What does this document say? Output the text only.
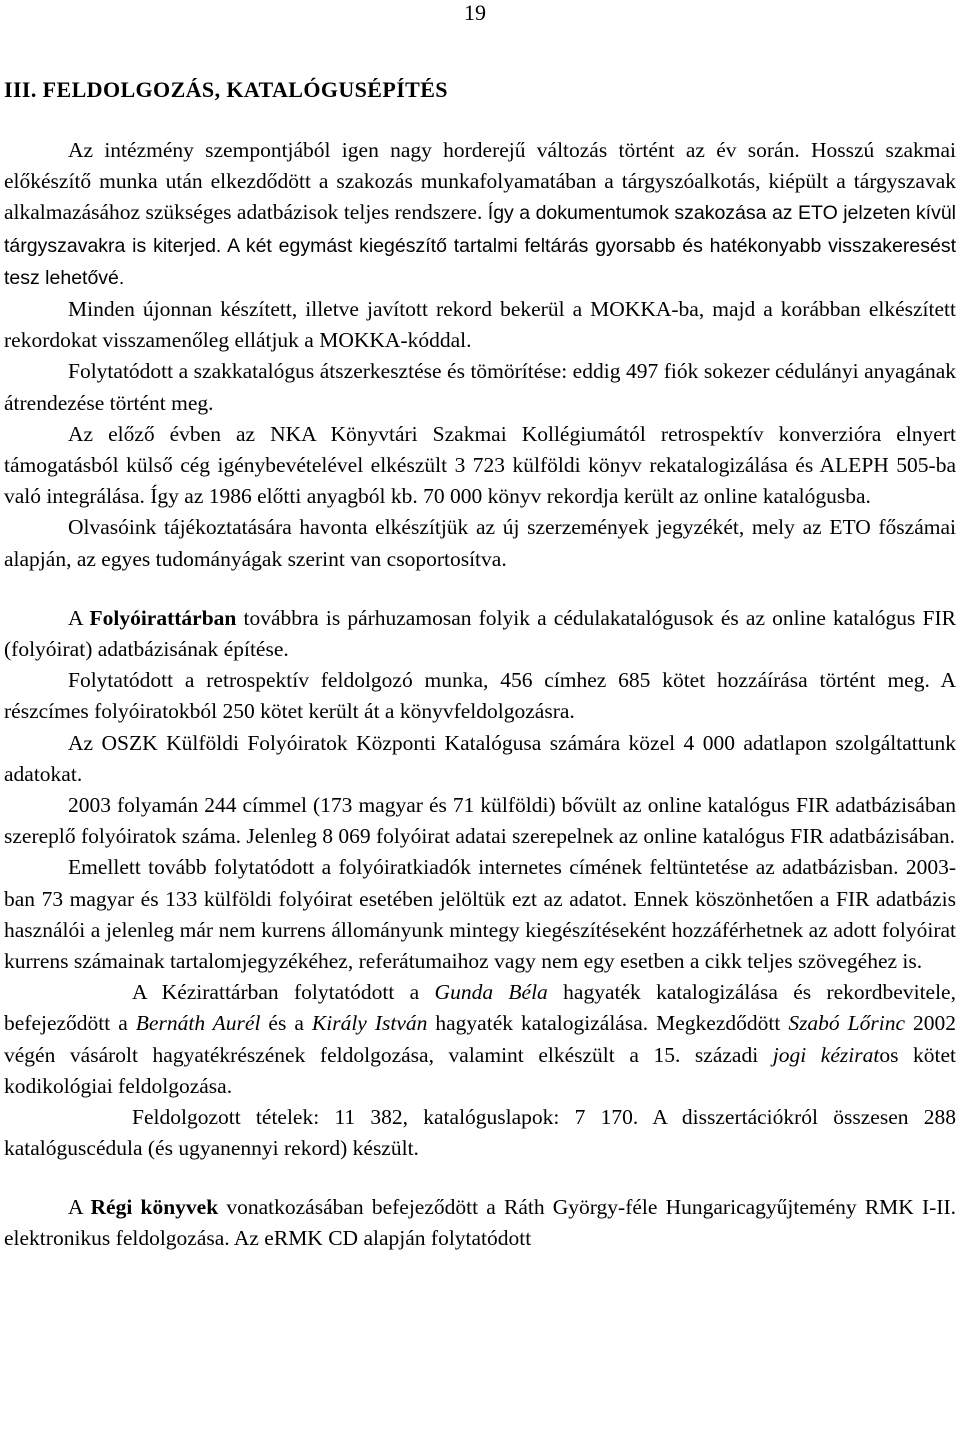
19
III. FELDOLGOZÁS, KATALÓGUSÉPÍTÉS

Az intézmény szempontjából igen nagy horderejű változás történt az év során. Hosszú szakmai előkészítő munka után elkezdődött a szakozás munkafolyamatában a tárgyszóalkotás, kiépült a tárgyszavak alkalmazásához szükséges adatbázisok teljes rendszere. Így a dokumentumok szakozása az ETO jelzeten kívül tárgyszavakra is kiterjed. A két egymást kiegészítő tartalmi feltárás gyorsabb és hatékonyabb visszakeresést tesz lehetővé.

Minden újonnan készített, illetve javított rekord bekerül a MOKKA-ba, majd a korábban elkészített rekordokat visszamenőleg ellátjuk a MOKKA-kóddal.

Folytatódott a szakkatalógus átszerkesztése és tömörítése: eddig 497 fiók sokezer cédulányi anyagának átrendezése történt meg.

Az előző évben az NKA Könyvtári Szakmai Kollégiumától retrospektív konverzióra elnyert támogatásból külső cég igénybevételével elkészült 3 723 külföldi könyv rekatalogizálása és ALEPH 505-ba való integrálása. Így az 1986 előtti anyagból kb. 70 000 könyv rekordja került az online katalógusba.

Olvasóink tájékoztatására havonta elkészítjük az új szerzemények jegyzékét, mely az ETO főszámai alapján, az egyes tudományágak szerint van csoportosítva.

A Folyóirattárban továbbra is párhuzamosan folyik a cédulakatalógusok és az online katalógus FIR (folyóirat) adatbázisának építése.

Folytatódott a retrospektív feldolgozó munka, 456 címhez 685 kötet hozzáírása történt meg. A részcímes folyóiratokból 250 kötet került át a könyvfeldolgozásra.

Az OSZK Külföldi Folyóiratok Központi Katalógusa számára közel 4 000 adatlapon szolgáltattunk adatokat.

2003 folyamán 244 címmel (173 magyar és 71 külföldi) bővült az online katalógus FIR adatbázisában szereplő folyóiratok száma. Jelenleg 8 069 folyóirat adatai szerepelnek az online katalógus FIR adatbázisában.

Emellett tovább folytatódott a folyóiratkiadók internetes címének feltüntetése az adatbázisban. 2003-ban 73 magyar és 133 külföldi folyóirat esetében jelöltük ezt az adatot. Ennek köszönhetően a FIR adatbázis használói a jelenleg már nem kurrens állományunk mintegy kiegészítéseként hozzáférhetnek az adott folyóirat kurrens számainak tartalomjegyzékéhez, referátumaihoz vagy nem egy esetben a cikk teljes szövegéhez is.

A Kézirattárban folytatódott a Gunda Béla hagyaték katalogizálása és rekordbevitele, befejeződött a Bernáth Aurél és a Király István hagyaték katalogizálása. Megkezdődött Szabó Lőrinc 2002 végén vásárolt hagyatékrészének feldolgozása, valamint elkészült a 15. századi jogi kéziratos kötet kodikológiai feldolgozása.

Feldolgozott tételek: 11 382, katalóguslapok: 7 170. A disszertációkról összesen 288 katalóguscédula (és ugyanennyi rekord) készült.

A Régi könyvek vonatkozásában befejeződött a Ráth György-féle Hungaricagyűjtemény RMK I-II. elektronikus feldolgozása. Az eRMK CD alapján folytatódott
